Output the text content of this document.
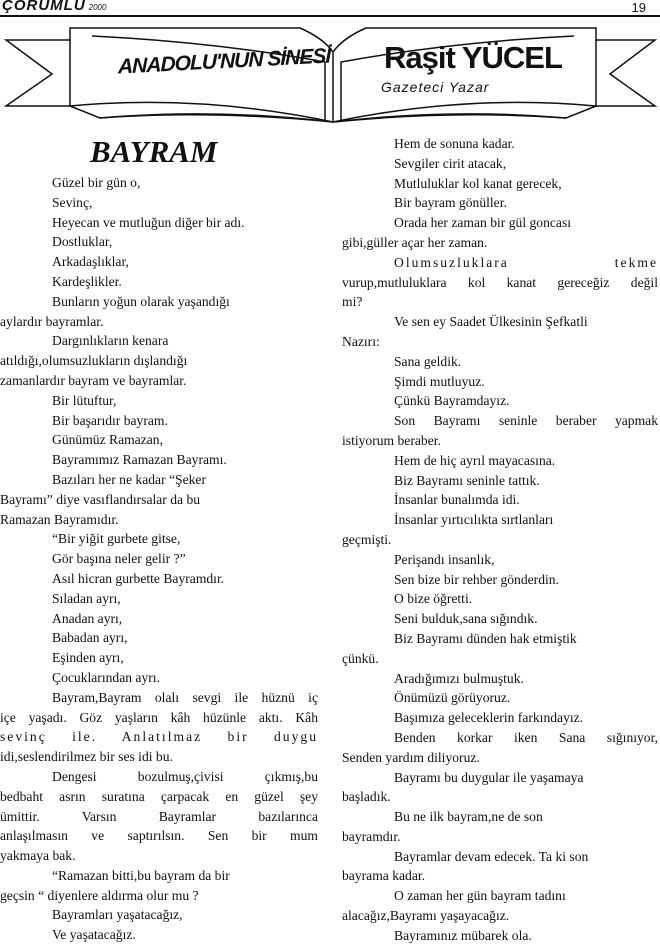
ÇORUMLU 2000	19
ANADOLU'NUN SİNESİ Raşit YÜCEL
Gazeteci Yazar
BAYRAM
Güzel bir gün o,
Sevinç,
Heyecan ve mutluğun diğer bir adı.
Dostluklar,
Arkadaşlıklar,
Kardeşlikler.
Bunların yoğun olarak yaşandığı
aylardır bayramlar.
Dargınlıkların kenara
atıldığı,olumsuzlukların dışlandığı
zamanlardır bayram ve bayramlar.
Bir lütuftur,
Bir başarıdır bayram.
Günümüz Ramazan,
Bayramımız Ramazan Bayramı.
Bazıları her ne kadar “Şeker
Bayramı” diye vasıflandırsalar da bu
Ramazan Bayramıdır.
“Bir yiğit gurbete gitse,
Gör başına neler gelir ?”
Asıl hicran gurbette Bayramdır.
Sıladan ayrı,
Anadan ayrı,
Babadan ayrı,
Eşinden ayrı,
Çocuklarından ayrı.
Bayram,Bayram olalı sevgi ile hüznü iç
içe yaşadı. Göz yaşların kâh hüzünle aktı. Kâh
sevinç ile. Anlatılmaz bir duygu
idi,seslendirilmez bir ses idi bu.
Dengesi bozulmuş,çivisi çıkmış,bu
bedbaht asrın suratına çarpacak en güzel şey
ümittir. Varsın Bayramlar bazılarınca
anlaşılmasın ve saptırılsın. Sen bir mum
yakmaya bak.
“Ramazan bitti,bu bayram da bir
geçsin “ diyenlere aldırma olur mu ?
Bayramları yaşatacağız,
Ve yaşatacağız.
Hem de sonuna kadar.
Sevgiler cirit atacak,
Mutluluklar kol kanat gerecek,
Bir bayram gönüller.
Orada her zaman bir gül goncası
gibi,güller açar her zaman.
Olumsuzluklara tekme
vurup,mutluluklara kol kanat gereceğiz değil
mi?
Ve sen ey Saadet Ülkesinin Şefkatli
Nazırı:
Sana geldik.
Şimdi mutluyuz.
Çünkü Bayramdayız.
Son Bayramı seninle beraber yapmak
istiyorum beraber.
Hem de hiç ayrıl mayacasına.
Biz Bayramı seninle tattık.
İnsanlar bunalımda idi.
İnsanlar yırtıcılıkta sırtlanları
geçmişti.
Perişandı insanlık,
Sen bize bir rehber gönderdin.
O bize öğretti.
Seni bulduk,sana sığındık.
Biz Bayramı dünden hak etmiştik
çünkü.
Aradığımızı bulmuştuk.
Önümüzü görüyoruz.
Başımıza geleceklerin farkındayız.
Benden korkar iken Sana sığınıyor,
Senden yardım diliyoruz.
Bayramı bu duygular ile yaşamaya
başladık.
Bu ne ilk bayram,ne de son
bayramdır.
Bayramlar devam edecek. Ta ki son
bayrama kadar.
O zaman her gün bayram tadını
alacağız,Bayramı yaşayacağız.
Bayramınız mübarek ola.
